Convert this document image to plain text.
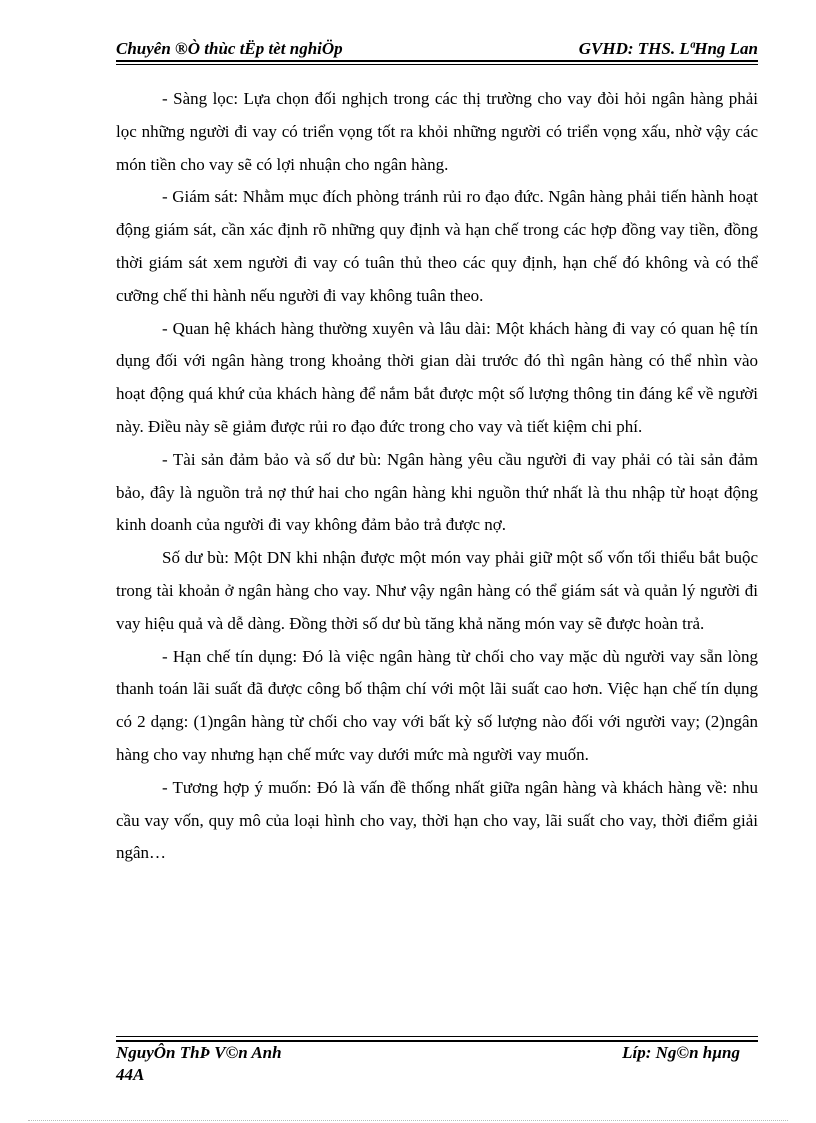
Chuyên ®Ò thùc tËp tèt nghiÖp	GVHD: THS. LªHng Lan

- Sàng lọc: Lựa chọn đối nghịch trong các thị trường cho vay đòi hỏi ngân hàng phải lọc những người đi vay có triển vọng tốt ra khỏi những người có triển vọng xấu, nhờ vậy các món tiền cho vay sẽ có lợi nhuận cho ngân hàng.

- Giám sát: Nhằm mục đích phòng tránh rủi ro đạo đức. Ngân hàng phải tiến hành hoạt động giám sát, cần xác định rõ những quy định và hạn chế trong các hợp đồng vay tiền, đồng thời giám sát xem người đi vay có tuân thủ theo các quy định, hạn chế đó không và có thể cưỡng chế thi hành nếu người đi vay không tuân theo.

- Quan hệ khách hàng thường xuyên và lâu dài: Một khách hàng đi vay có quan hệ tín dụng đối với ngân hàng trong khoảng thời gian dài trước đó thì ngân hàng có thể nhìn vào hoạt động quá khứ của khách hàng để nắm bắt được một số lượng thông tin đáng kể về người này. Điều này sẽ giảm được rủi ro đạo đức trong cho vay và tiết kiệm chi phí.

- Tài sản đảm bảo và số dư bù: Ngân hàng yêu cầu người đi vay phải có tài sản đảm bảo, đây là nguồn trả nợ thứ hai cho ngân hàng khi nguồn thứ nhất là thu nhập từ hoạt động kinh doanh của người đi vay không đảm bảo trả được nợ.

Số dư bù: Một DN khi nhận được một món vay phải giữ một số vốn tối thiểu bắt buộc trong tài khoản ở ngân hàng cho vay. Như vậy ngân hàng có thể giám sát và quản lý người đi vay hiệu quả và dễ dàng. Đồng thời số dư bù tăng khả năng món vay sẽ được hoàn trả.

- Hạn chế tín dụng: Đó là việc ngân hàng từ chối cho vay mặc dù người vay sẵn lòng thanh toán lãi suất đã được công bố thậm chí với một lãi suất cao hơn. Việc hạn chế tín dụng có 2 dạng: (1)ngân hàng từ chối cho vay với bất kỳ số lượng nào đối với người vay; (2)ngân hàng cho vay nhưng hạn chế mức vay dưới mức mà người vay muốn.

- Tương hợp ý muốn: Đó là vấn đề thống nhất giữa ngân hàng và khách hàng về: nhu cầu vay vốn, quy mô của loại hình cho vay, thời hạn cho vay, lãi suất cho vay, thời điểm giải ngân…

NguyÔn ThÞ V©n Anh	Líp: Ng©n hµng
44A
